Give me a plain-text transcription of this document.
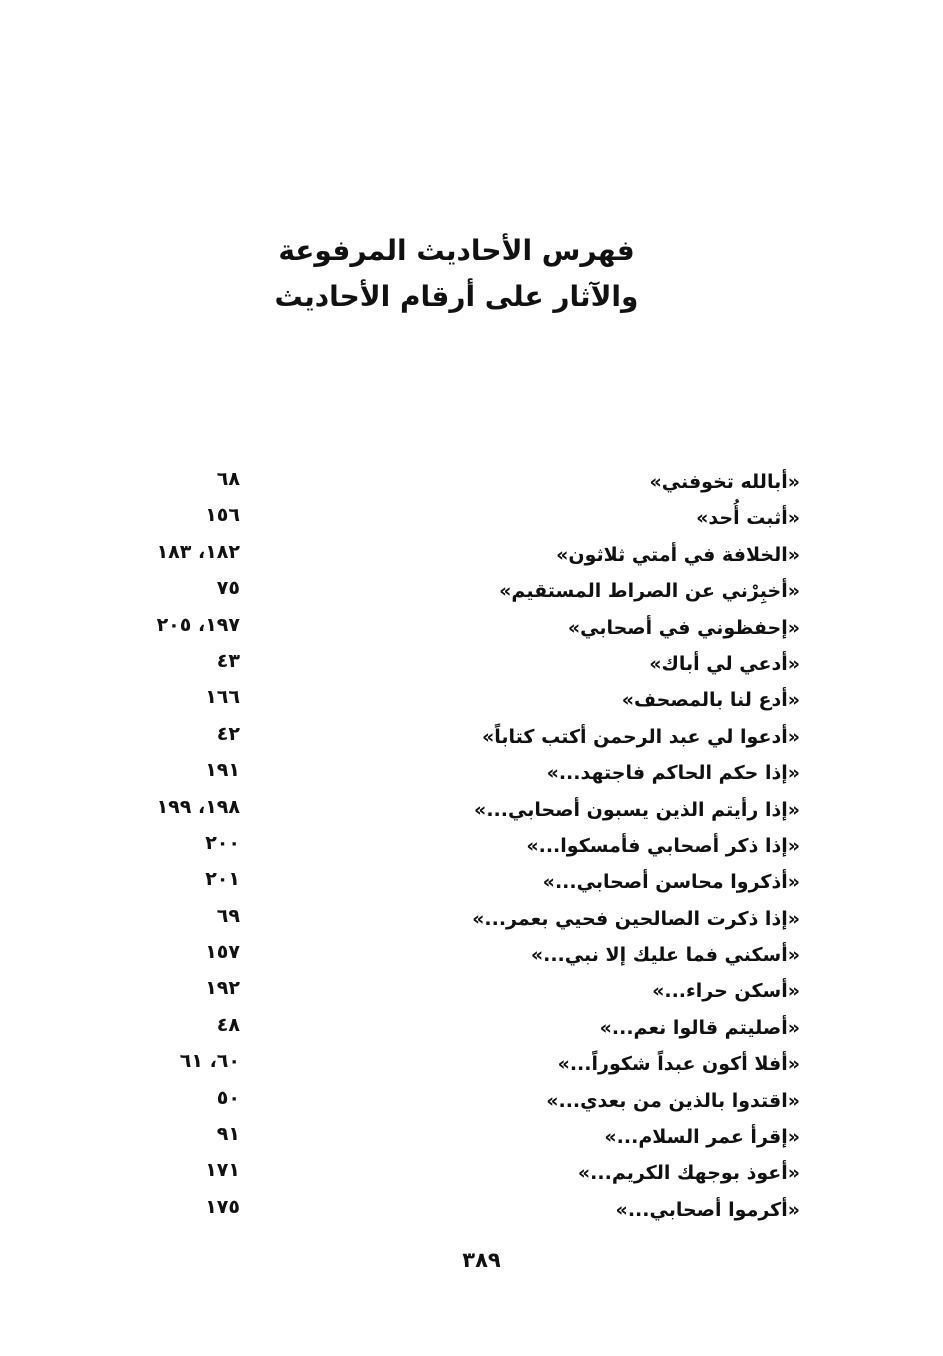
فهرس الأحاديث المرفوعة
والآثار على أرقام الأحاديث
«أبالله تخوفني»
٦٨
«أثبت أُحد»
١٥٦
«الخلافة في أمتي ثلاثون»
١٨٢، ١٨٣
«أخبِرْني عن الصراط المستقيم»
٧٥
«إحفظوني في أصحابي»
١٩٧، ٢٠٥
«أدعي لي أباك»
٤٣
«أدع لنا بالمصحف»
١٦٦
«أدعوا لي عبد الرحمن أكتب كتاباً»
٤٢
«إذا حكم الحاكم فاجتهد...»
١٩١
«إذا رأيتم الذين يسبون أصحابي...»
١٩٨، ١٩٩
«إذا ذكر أصحابي فأمسكوا...»
٢٠٠
«أذكروا محاسن أصحابي...»
٢٠١
«إذا ذكرت الصالحين فحيي بعمر...»
٦٩
«أسكني فما عليك إلا نبي...»
١٥٧
«أسكن حراء...»
١٩٢
«أصليتم قالوا نعم...»
٤٨
«أفلا أكون عبداً شكوراً...»
٦٠، ٦١
«اقتدوا بالذين من بعدي...»
٥٠
«إقرأ عمر السلام...»
٩١
«أعوذ بوجهك الكريم...»
١٧١
«أكرموا أصحابي...»
١٧٥
٣٨٩
